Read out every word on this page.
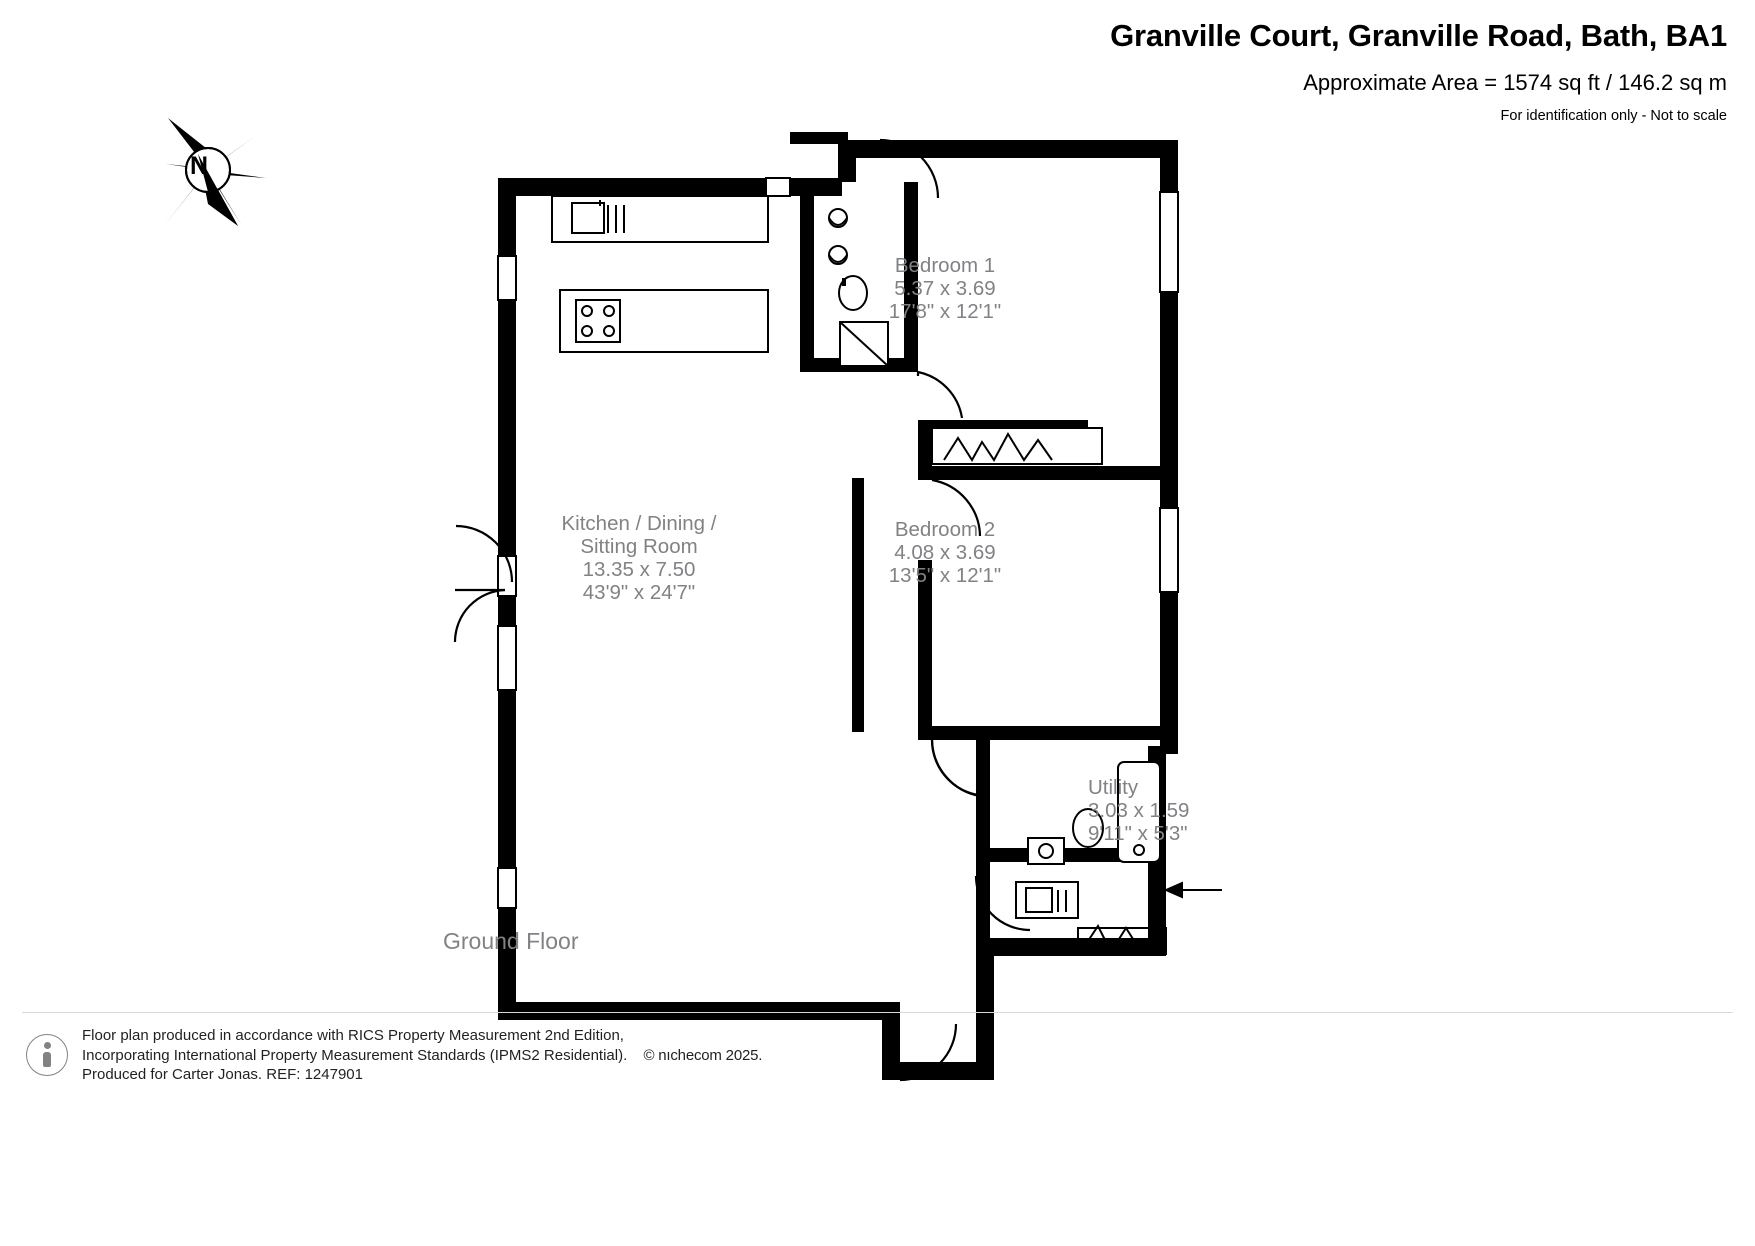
Granville Court, Granville Road, Bath, BA1
Approximate Area = 1574 sq ft / 146.2 sq m
For identification only - Not to scale
N
Kitchen / Dining /
Sitting Room
13.35 x 7.50
43'9" x 24'7"
Bedroom 1
5.37 x 3.69
17'8" x 12'1"
Bedroom 2
4.08 x 3.69
13'5" x 12'1"
Utility
3.03 x 1.59
9'11" x 5'3"
Ground Floor
Floor plan produced in accordance with RICS Property Measurement 2nd Edition,
Incorporating International Property Measurement Standards (IPMS2 Residential). © nıchecom 2025.
Produced for Carter Jonas. REF: 1247901
